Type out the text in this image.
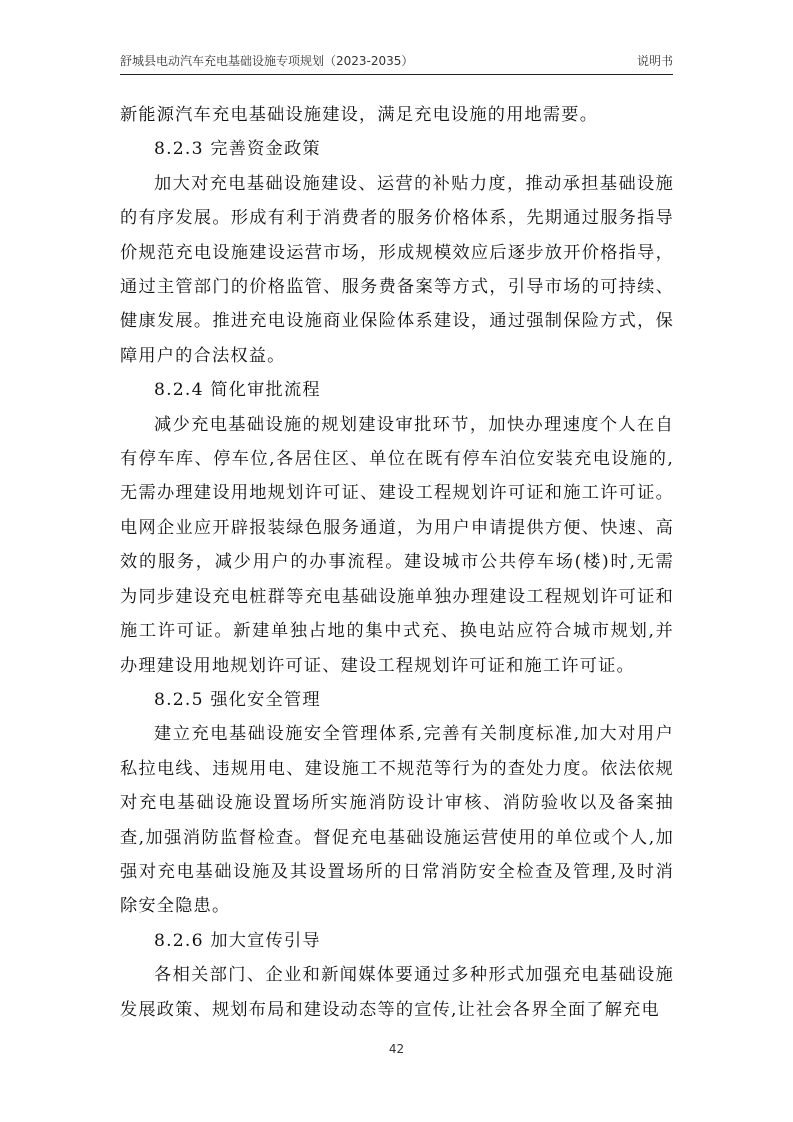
舒城县电动汽车充电基础设施专项规划（2023-2035）	说明书

新能源汽车充电基础设施建设，满足充电设施的用地需要。

8.2.3 完善资金政策

加大对充电基础设施建设、运营的补贴力度，推动承担基础设施的有序发展。形成有利于消费者的服务价格体系，先期通过服务指导价规范充电设施建设运营市场，形成规模效应后逐步放开价格指导，通过主管部门的价格监管、服务费备案等方式，引导市场的可持续、健康发展。推进充电设施商业保险体系建设，通过强制保险方式，保障用户的合法权益。

8.2.4 简化审批流程

减少充电基础设施的规划建设审批环节，加快办理速度个人在自有停车库、停车位,各居住区、单位在既有停车泊位安装充电设施的,无需办理建设用地规划许可证、建设工程规划许可证和施工许可证。电网企业应开辟报装绿色服务通道，为用户申请提供方便、快速、高效的服务，减少用户的办事流程。建设城市公共停车场(楼)时,无需为同步建设充电桩群等充电基础设施单独办理建设工程规划许可证和施工许可证。新建单独占地的集中式充、换电站应符合城市规划,并办理建设用地规划许可证、建设工程规划许可证和施工许可证。

8.2.5 强化安全管理

建立充电基础设施安全管理体系,完善有关制度标准,加大对用户私拉电线、违规用电、建设施工不规范等行为的查处力度。依法依规对充电基础设施设置场所实施消防设计审核、消防验收以及备案抽查,加强消防监督检查。督促充电基础设施运营使用的单位或个人,加强对充电基础设施及其设置场所的日常消防安全检查及管理,及时消除安全隐患。

8.2.6 加大宣传引导

各相关部门、企业和新闻媒体要通过多种形式加强充电基础设施发展政策、规划布局和建设动态等的宣传,让社会各界全面了解充电

42
